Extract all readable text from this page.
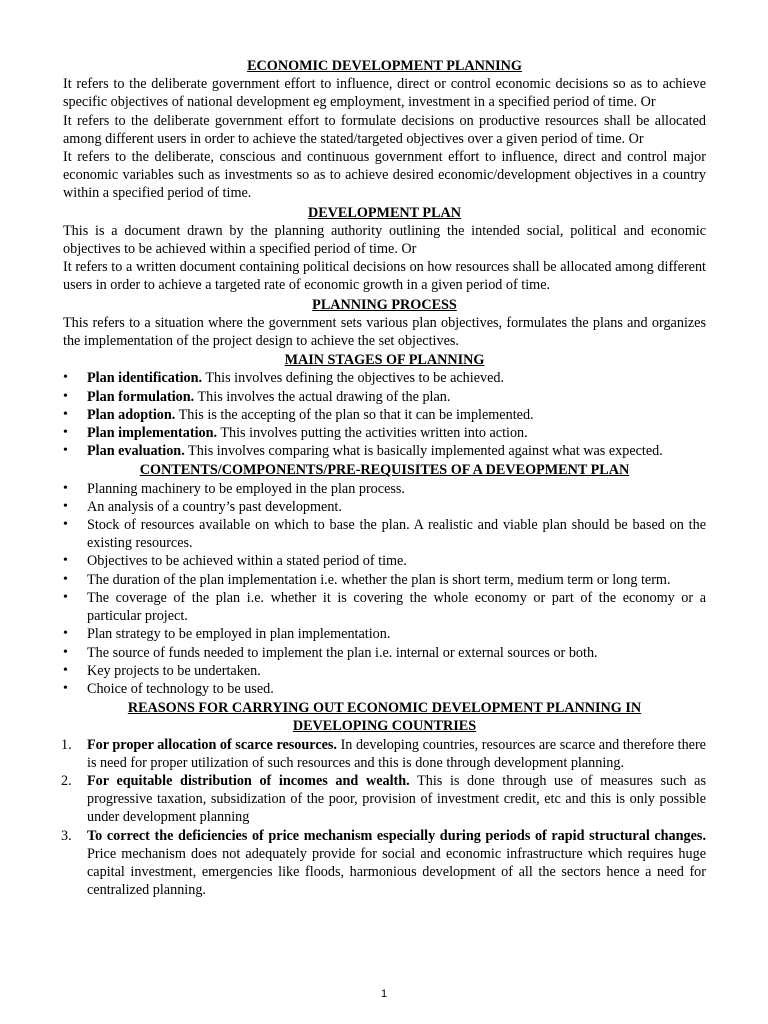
ECONOMIC DEVELOPMENT PLANNING

It refers to the deliberate government effort to influence, direct or control economic decisions so as to achieve specific objectives of national development eg employment, investment in a specified period of time. Or

It refers to the deliberate government effort to formulate decisions on productive resources shall be allocated among different users in order to achieve the stated/targeted objectives over a given period of time. Or

It refers to the deliberate, conscious and continuous government effort to influence, direct and control major economic variables such as investments so as to achieve desired economic/development objectives in a country within a specified period of time.

DEVELOPMENT PLAN

This is a document drawn by the planning authority outlining the intended social, political and economic objectives to be achieved within a specified period of time. Or

It refers to a written document containing political decisions on how resources shall be allocated among different users in order to achieve a targeted rate of economic growth in a given period of time.

PLANNING PROCESS

This refers to a situation where the government sets various plan objectives, formulates the plans and organizes the implementation of the project design to achieve the set objectives.

MAIN STAGES OF PLANNING
• Plan identification. This involves defining the objectives to be achieved.
• Plan formulation. This involves the actual drawing of the plan.
• Plan adoption. This is the accepting of the plan so that it can be implemented.
• Plan implementation. This involves putting the activities written into action.
• Plan evaluation. This involves comparing what is basically implemented against what was expected.
CONTENTS/COMPONENTS/PRE-REQUISITES OF A DEVEOPMENT PLAN
• Planning machinery to be employed in the plan process.
• An analysis of a country’s past development.
• Stock of resources available on which to base the plan. A realistic and viable plan should be based on the existing resources.
• Objectives to be achieved within a stated period of time.
• The duration of the plan implementation i.e. whether the plan is short term, medium term or long term.
• The coverage of the plan i.e. whether it is covering the whole economy or part of the economy or a particular project.
• Plan strategy to be employed in plan implementation.
• The source of funds needed to implement the plan i.e. internal or external sources or both.
• Key projects to be undertaken.
• Choice of technology to be used.
REASONS FOR CARRYING OUT ECONOMIC DEVELOPMENT PLANNING IN
DEVELOPING COUNTRIES
1. For proper allocation of scarce resources. In developing countries, resources are scarce and therefore there is need for proper utilization of such resources and this is done through development planning.
2. For equitable distribution of incomes and wealth. This is done through use of measures such as progressive taxation, subsidization of the poor, provision of investment credit, etc and this is only possible under development planning
3. To correct the deficiencies of price mechanism especially during periods of rapid structural changes. Price mechanism does not adequately provide for social and economic infrastructure which requires huge capital investment, emergencies like floods, harmonious development of all the sectors hence a need for centralized planning.
1
